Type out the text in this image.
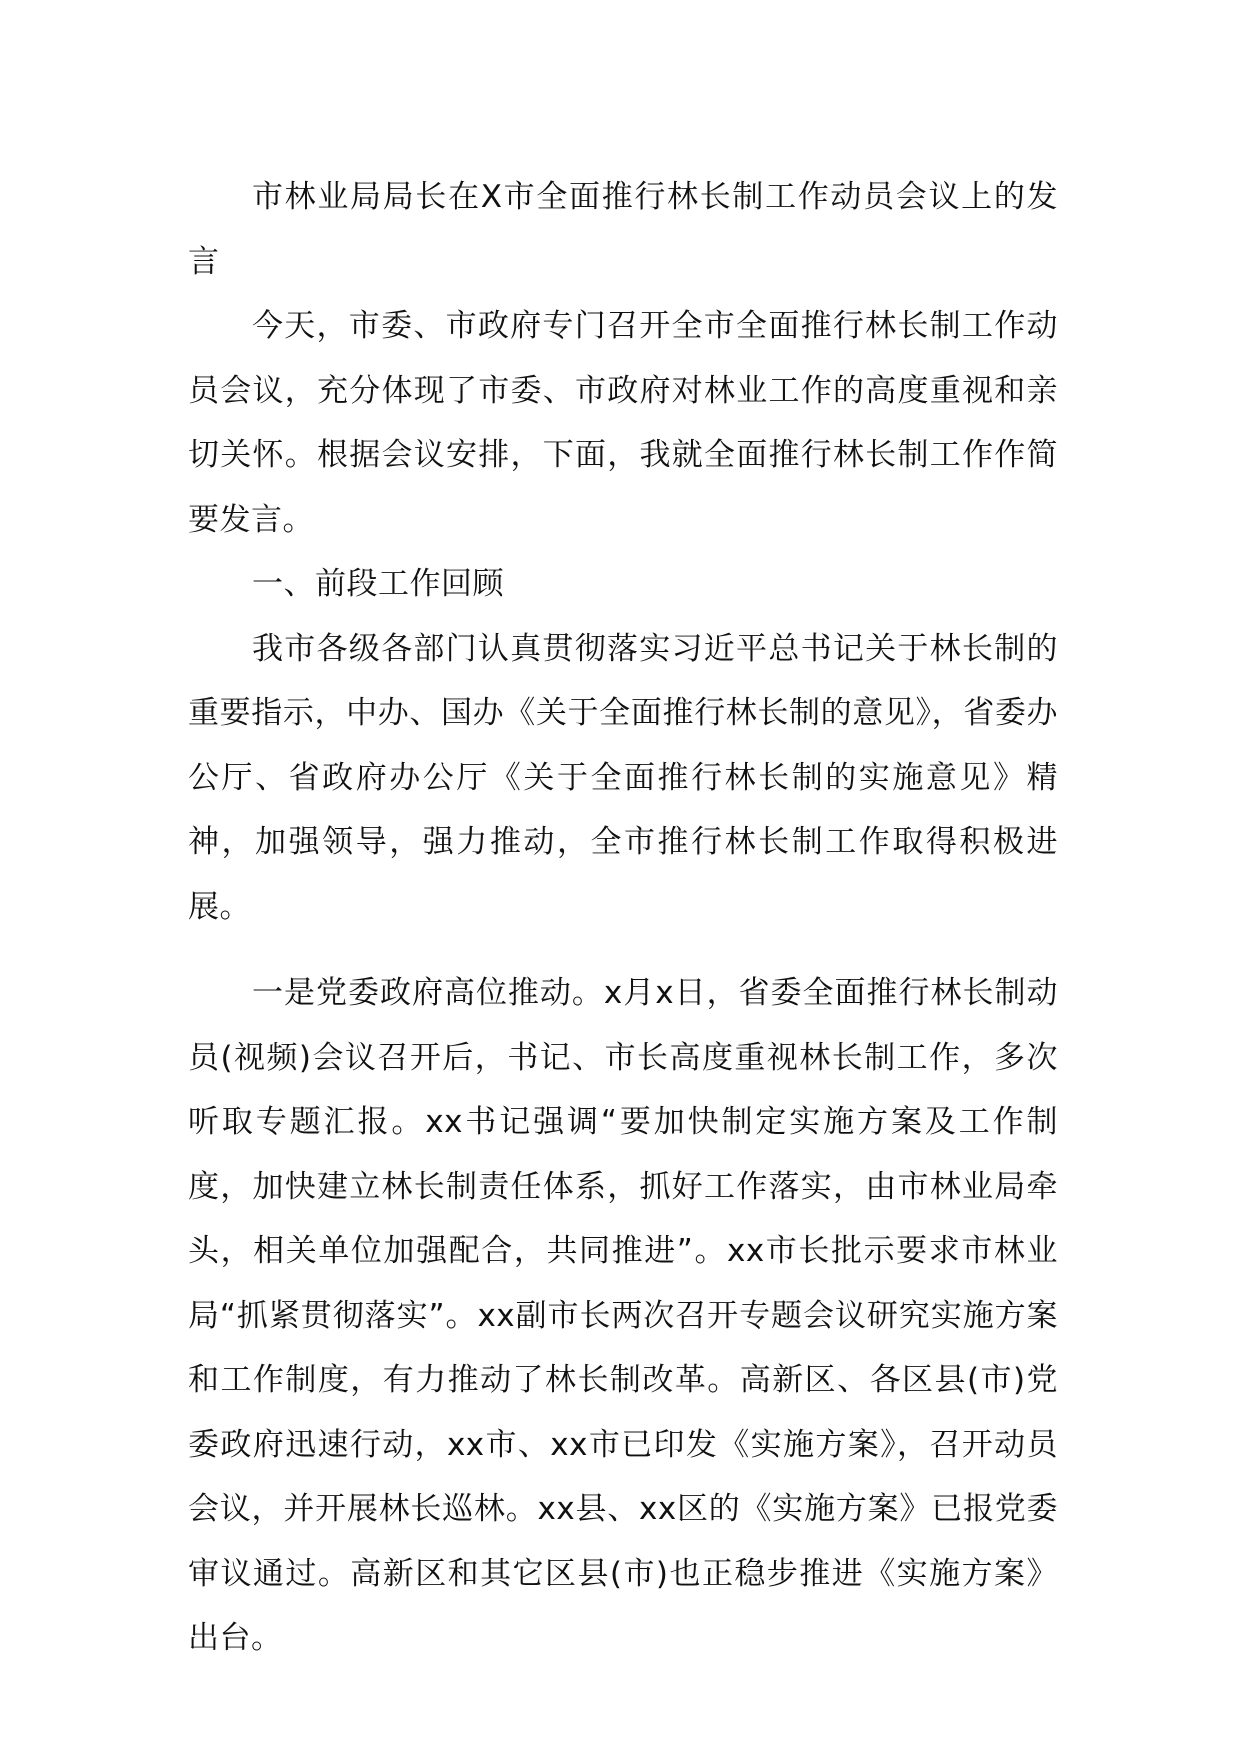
市林业局局长在X市全面推行林长制工作动员会议上的发言

今天，市委、市政府专门召开全市全面推行林长制工作动员会议，充分体现了市委、市政府对林业工作的高度重视和亲切关怀。根据会议安排，下面，我就全面推行林长制工作作简要发言。

一、前段工作回顾

我市各级各部门认真贯彻落实习近平总书记关于林长制的重要指示，中办、国办《关于全面推行林长制的意见》，省委办公厅、省政府办公厅《关于全面推行林长制的实施意见》精神，加强领导，强力推动，全市推行林长制工作取得积极进展。

一是党委政府高位推动。x月x日，省委全面推行林长制动员(视频)会议召开后，书记、市长高度重视林长制工作，多次听取专题汇报。xx书记强调“要加快制定实施方案及工作制度，加快建立林长制责任体系，抓好工作落实，由市林业局牵头，相关单位加强配合，共同推进”。xx市长批示要求市林业局“抓紧贯彻落实”。xx副市长两次召开专题会议研究实施方案和工作制度，有力推动了林长制改革。高新区、各区县(市)党委政府迅速行动，xx市、xx市已印发《实施方案》，召开动员会议，并开展林长巡林。xx县、xx区的《实施方案》已报党委审议通过。高新区和其它区县(市)也正稳步推进《实施方案》出台。
